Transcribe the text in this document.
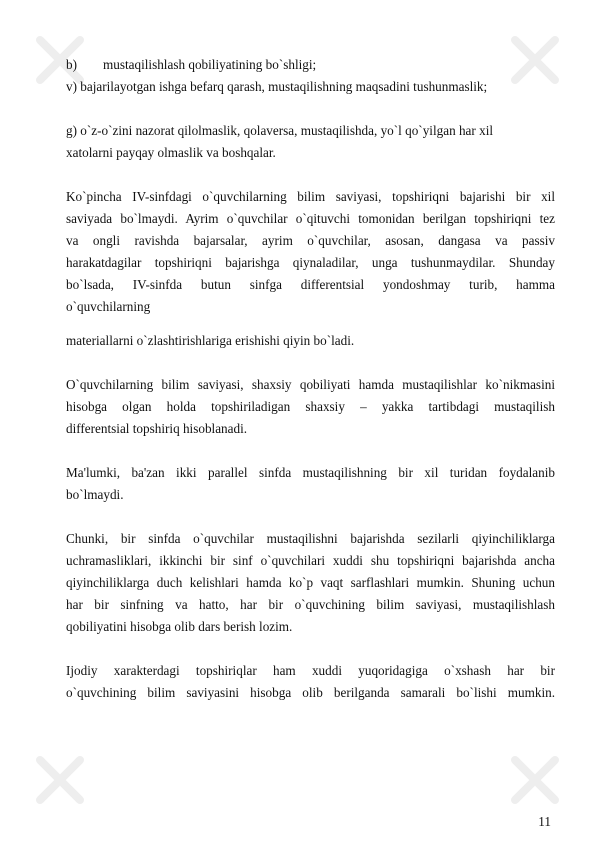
b)	mustaqilishlash qobiliyatining bo`shligi;
v) bajarilayotgan ishga befarq qarash, mustaqilishning maqsadini tushunmaslik;
g) o`z-o`zini nazorat qilolmaslik, qolaversa, mustaqilishda, yo`l qo`yilgan har xil
xatolarni payqay olmaslik va boshqalar.
Ko`pincha IV-sinfdagi o`quvchilarning bilim saviyasi, topshiriqni bajarishi bir xil
saviyada bo`lmaydi. Ayrim o`quvchilar o`qituvchi tomonidan berilgan topshiriqni tez
va ongli ravishda bajarsalar, ayrim o`quvchilar, asosan, dangasa va passiv
harakatdagilar topshiriqni bajarishga qiynaladilar, unga tushunmaydilar. Shunday
bo`lsada, IV-sinfda butun sinfga differentsial yondoshmay turib, hamma
o`quvchilarning
materiallarni o`zlashtirishlariga erishishi qiyin bo`ladi.
O`quvchilarning bilim saviyasi, shaxsiy qobiliyati hamda mustaqilishlar ko`nikmasini
hisobga olgan holda topshiriladigan shaxsiy – yakka tartibdagi mustaqilish
differentsial topshiriq hisoblanadi.
Ma'lumki, ba'zan ikki parallel sinfda mustaqilishning bir xil turidan foydalanib
bo`lmaydi.
Chunki, bir sinfda o`quvchilar mustaqilishni bajarishda sezilarli qiyinchiliklarga
uchramasliklari, ikkinchi bir sinf o`quvchilari xuddi shu topshiriqni bajarishda ancha
qiyinchiliklarga duch kelishlari hamda ko`p vaqt sarflashlari mumkin. Shuning uchun
har bir sinfning va hatto, har bir o`quvchining bilim saviyasi, mustaqilishlash
qobiliyatini hisobga olib dars berish lozim.
Ijodiy xarakterdagi topshiriqlar ham xuddi yuqoridagiga o`xshash har bir
o`quvchining bilim saviyasini hisobga olib berilganda samarali bo`lishi mumkin.
11
